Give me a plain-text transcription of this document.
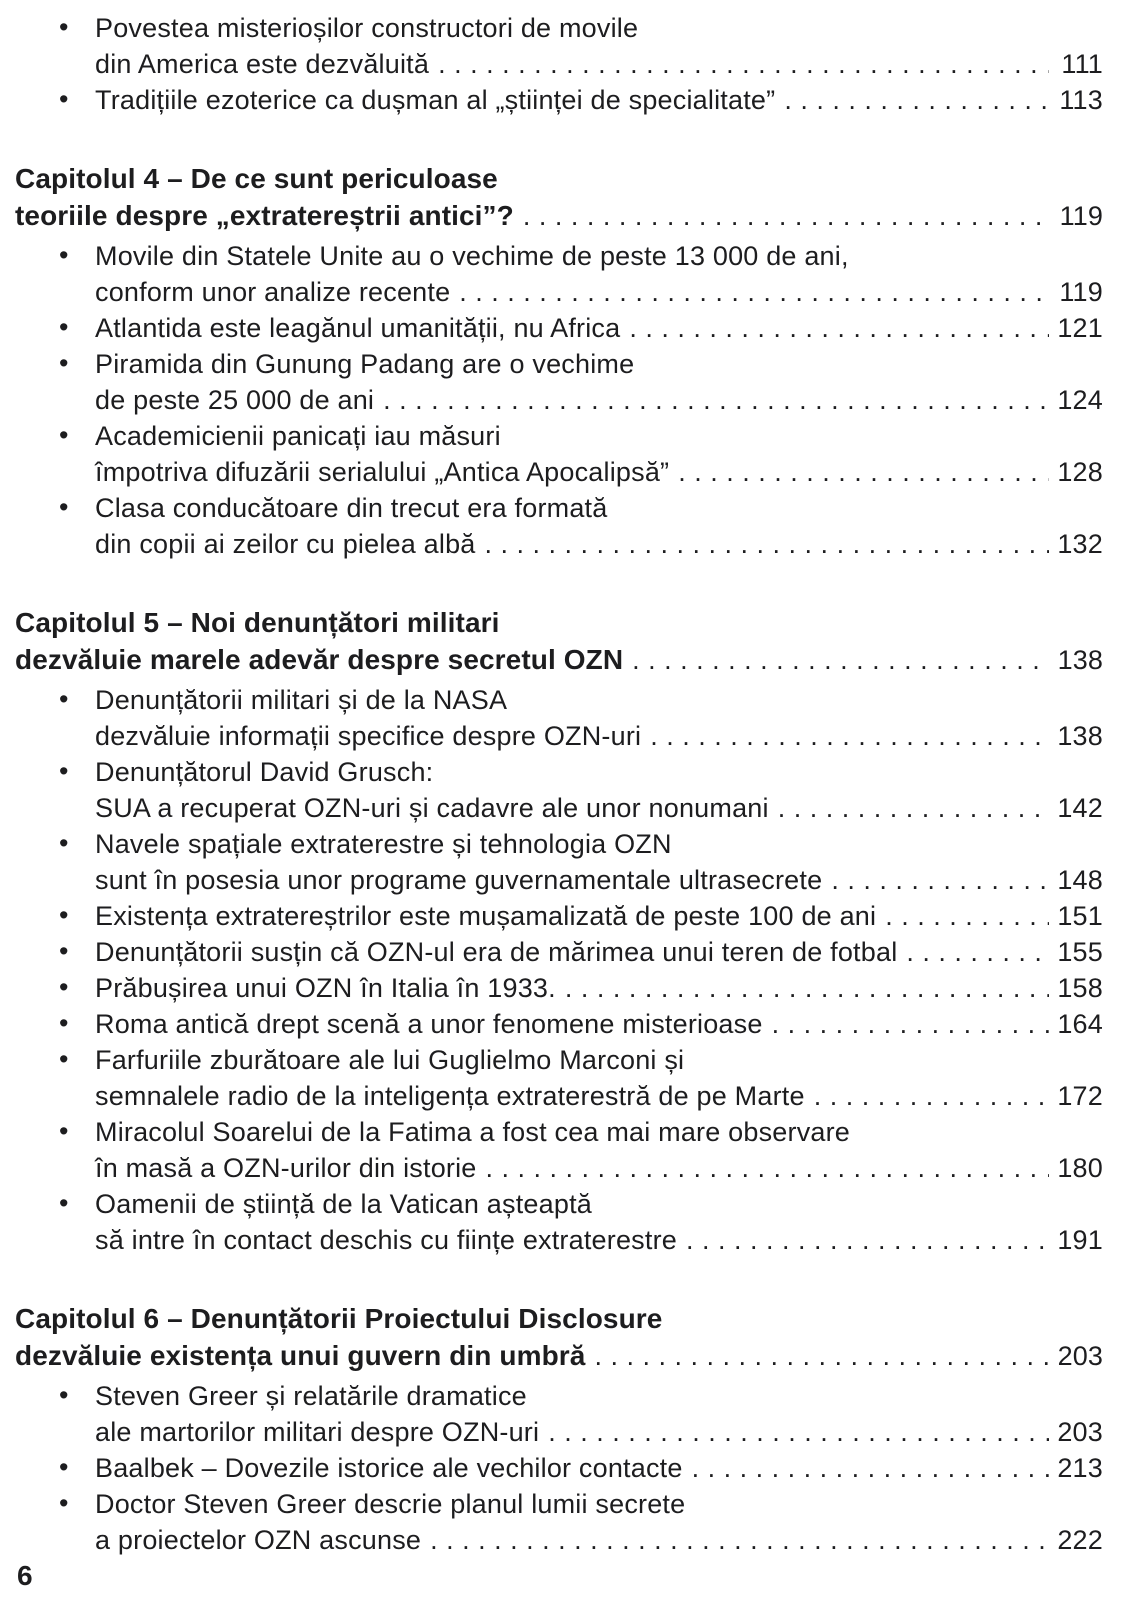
• Povestea misterioșilor constructori de movile
din America este dezvăluită .....	111
• Tradițiile ezoterice ca dușman al „științei de specialitate” .....	113
Capitolul 4 – De ce sunt periculoase
teoriile despre „extratereștrii antici”? .....	119
• Movile din Statele Unite au o vechime de peste 13 000 de ani,
conform unor analize recente .....	119
• Atlantida este leagănul umanității, nu Africa .....	121
• Piramida din Gunung Padang are o vechime
de peste 25 000 de ani .....	124
• Academicienii panicați iau măsuri
împotriva difuzării serialului „Antica Apocalipsă” .....	128
• Clasa conducătoare din trecut era formată
din copii ai zeilor cu pielea albă .....	132
Capitolul 5 – Noi denunțători militari
dezvăluie marele adevăr despre secretul OZN .....	138
• Denunțătorii militari și de la NASA
dezvăluie informații specifice despre OZN-uri .....	138
• Denunțătorul David Grusch:
SUA a recuperat OZN-uri și cadavre ale unor nonumani .....	142
• Navele spațiale extraterestre și tehnologia OZN
sunt în posesia unor programe guvernamentale ultrasecrete .....	148
• Existența extratereștrilor este mușamalizată de peste 100 de ani .....	151
• Denunțătorii susțin că OZN-ul era de mărimea unui teren de fotbal .....	155
• Prăbușirea unui OZN în Italia în 1933. .....	158
• Roma antică drept scenă a unor fenomene misterioase .....	164
• Farfuriile zburătoare ale lui Guglielmo Marconi și
semnalele radio de la inteligența extraterestră de pe Marte .....	172
• Miracolul Soarelui de la Fatima a fost cea mai mare observare
în masă a OZN-urilor din istorie .....	180
• Oamenii de știință de la Vatican așteaptă
să intre în contact deschis cu ființe extraterestre .....	191
Capitolul 6 – Denunțătorii Proiectului Disclosure
dezvăluie existența unui guvern din umbră .....	203
• Steven Greer și relatările dramatice
ale martorilor militari despre OZN-uri .....	203
• Baalbek – Dovezile istorice ale vechilor contacte .....	213
• Doctor Steven Greer descrie planul lumii secrete
a proiectelor OZN ascunse .....	222
6
